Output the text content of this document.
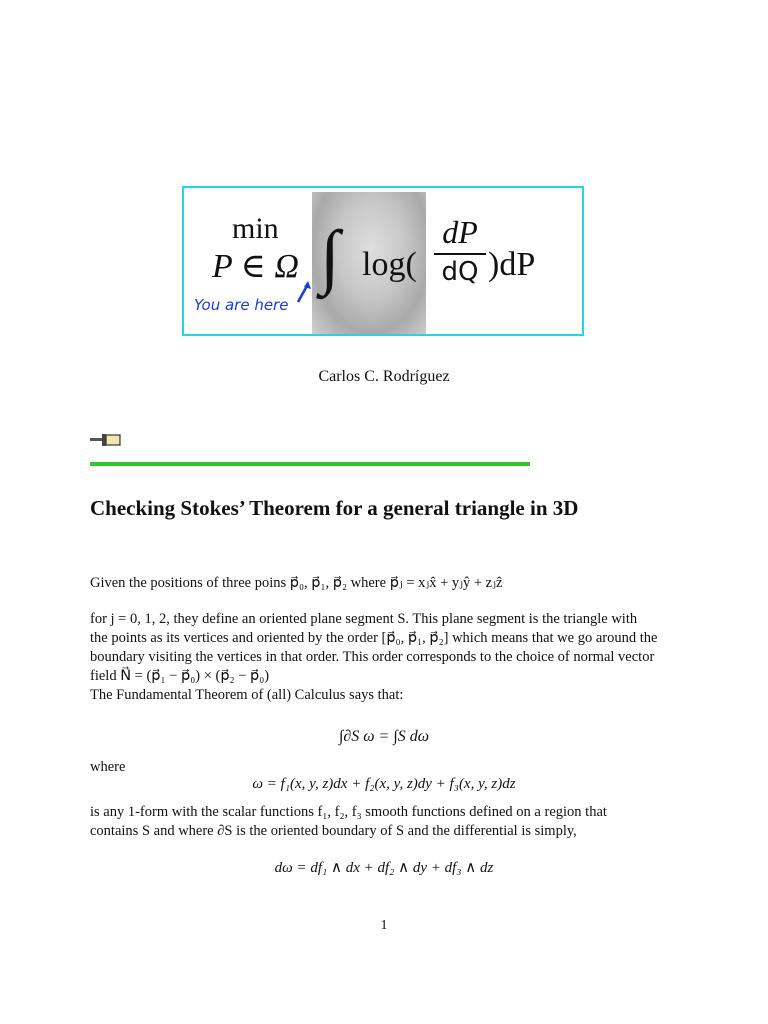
min
P ∈ Ω ∫ log(
dP
dQ )dP
You are here
Carlos C. Rodríguez
Checking Stokes’ Theorem for a general triangle in 3D
Given the positions of three poins p⃗₀, p⃗₁, p⃗₂ where p⃗ⱼ = xⱼx̂ + yⱼŷ + zⱼẑ
for j = 0, 1, 2, they define an oriented plane segment S. This plane segment is the triangle with
the points as its vertices and oriented by the order [p⃗₀, p⃗₁, p⃗₂] which means that we go around the
boundary visiting the vertices in that order. This order corresponds to the choice of normal vector
field N⃗ = (p⃗₁ − p⃗₀) × (p⃗₂ − p⃗₀)
The Fundamental Theorem of (all) Calculus says that:
∫∂S ω = ∫S dω
where
ω = f₁(x, y, z)dx + f₂(x, y, z)dy + f₃(x, y, z)dz
is any 1-form with the scalar functions f₁, f₂, f₃ smooth functions defined on a region that
contains S and where ∂S is the oriented boundary of S and the differential is simply,
dω = df₁ ∧ dx + df₂ ∧ dy + df₃ ∧ dz
1
